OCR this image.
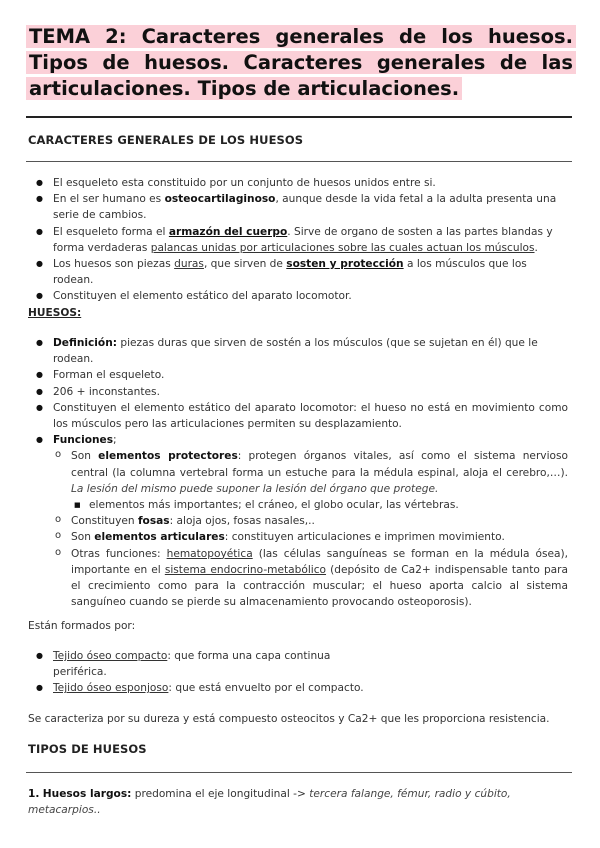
TEMA 2: Caracteres generales de los huesos. Tipos de huesos. Caracteres generales de las articulaciones. Tipos de articulaciones.
CARACTERES GENERALES DE LOS HUESOS
● El esqueleto esta constituido por un conjunto de huesos unidos entre si.
● En el ser humano es osteocartilaginoso, aunque desde la vida fetal a la adulta presenta una serie de cambios.
● El esqueleto forma el armazón del cuerpo. Sirve de organo de sosten a las partes blandas y forma verdaderas palancas unidas por articulaciones sobre las cuales actuan los músculos.
● Los huesos son piezas duras, que sirven de sosten y protección a los músculos que los rodean.
● Constituyen el elemento estático del aparato locomotor.
HUESOS:
● Definición: piezas duras que sirven de sostén a los músculos (que se sujetan en él) que le rodean.
● Forman el esqueleto.
● 206 + inconstantes.
● Constituyen el elemento estático del aparato locomotor: el hueso no está en movimiento como los músculos pero las articulaciones permiten su desplazamiento.
● Funciones;
o Son elementos protectores: protegen órganos vitales, así como el sistema nervioso central (la columna vertebral forma un estuche para la médula espinal, aloja el cerebro,…). La lesión del mismo puede suponer la lesión del órgano que protege.
■ elementos más importantes; el cráneo, el globo ocular, las vértebras.
o Constituyen fosas: aloja ojos, fosas nasales,..
o Son elementos articulares: constituyen articulaciones e imprimen movimiento.
o Otras funciones: hematopoyética (las células sanguíneas se forman en la médula ósea), importante en el sistema endocrino-metabólico (depósito de Ca2+ indispensable tanto para el crecimiento como para la contracción muscular; el hueso aporta calcio al sistema sanguíneo cuando se pierde su almacenamiento provocando osteoporosis).
Están formados por:
● Tejido óseo compacto: que forma una capa continua
periférica.
● Tejido óseo esponjoso: que está envuelto por el compacto.
Se caracteriza por su dureza y está compuesto osteocitos y Ca2+ que les proporciona resistencia.
TIPOS DE HUESOS
1. Huesos largos: predomina el eje longitudinal -> tercera falange, fémur, radio y cúbito, metacarpios..
